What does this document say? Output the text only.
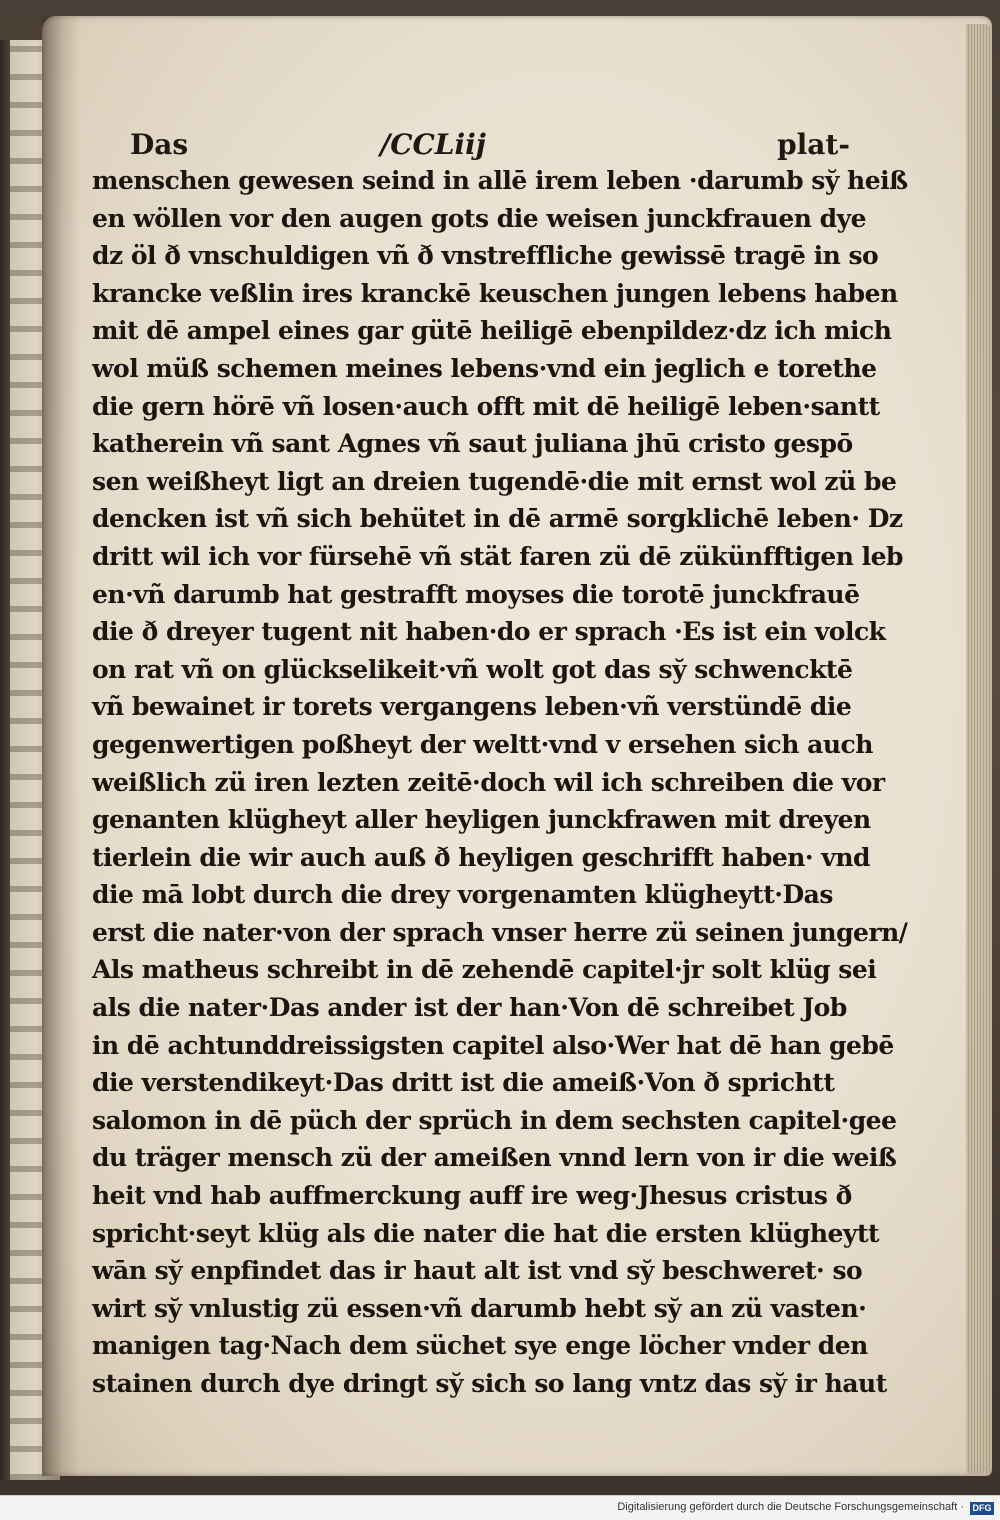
Das	/CCLiij	plat-
menschen gewesen seind in allē irem leben ·darumb sy̆ heiß
en wöllen vor den augen gots die weisen junckfrauen dye
dz öl ð vnschuldigen vñ ð vnstreffliche gewissē tragē in so
krancke veßlin ires kranckē keuschen jungen lebens haben
mit dē ampel eines gar gütē heiligē ebenpildez·dz ich mich
wol müß schemen meines lebens·vnd ein jeglich e torethe
die gern hörē vñ losen·auch offt mit dē heiligē leben·santt
katherein vñ sant Agnes vñ saut juliana jhū cristo gespō
sen weißheyt ligt an dreien tugendē·die mit ernst wol zü be
dencken ist vñ sich behütet in dē armē sorgklichē leben· Dz
dritt wil ich vor fürsehē vñ stät faren zü dē zükünfftigen leb
en·vñ darumb hat gestrafft moyses die torotē junckfrauē
die ð dreyer tugent nit haben·do er sprach ·Es ist ein volck
on rat vñ on glückselikeit·vñ wolt got das sy̆ schwencktē
vñ bewainet ir torets vergangens leben·vñ verstündē die
gegenwertigen poßheyt der weltt·vnd v ersehen sich auch
weißlich zü iren lezten zeitē·doch wil ich schreiben die vor
genanten klügheyt aller heyligen junckfrawen mit dreyen
tierlein die wir auch auß ð heyligen geschrifft haben· vnd
die mā lobt durch die drey vorgenamten klügheytt·Das
erst die nater·von der sprach vnser herre zü seinen jungern/
Als matheus schreibt in dē zehendē capitel·jr solt klüg sei
als die nater·Das ander ist der han·Von dē schreibet Job
in dē achtunddreissigsten capitel also·Wer hat dē han gebē
die verstendikeyt·Das dritt ist die ameiß·Von ð sprichtt
salomon in dē püch der sprüch in dem sechsten capitel·gee
du träger mensch zü der ameißen vnnd lern von ir die weiß
heit vnd hab auffmerckung auff ire weg·Jhesus cristus ð
spricht·seyt klüg als die nater die hat die ersten klügheytt
wān sy̆ enpfindet das ir haut alt ist vnd sy̆ beschweret· so
wirt sy̆ vnlustig zü essen·vñ darumb hebt sy̆ an zü vasten·
manigen tag·Nach dem süchet sye enge löcher vnder den
stainen durch dye dringt sy̆ sich so lang vntz das sy̆ ir haut
Digitalisierung gefördert durch die Deutsche Forschungsgemeinschaft · DFG
